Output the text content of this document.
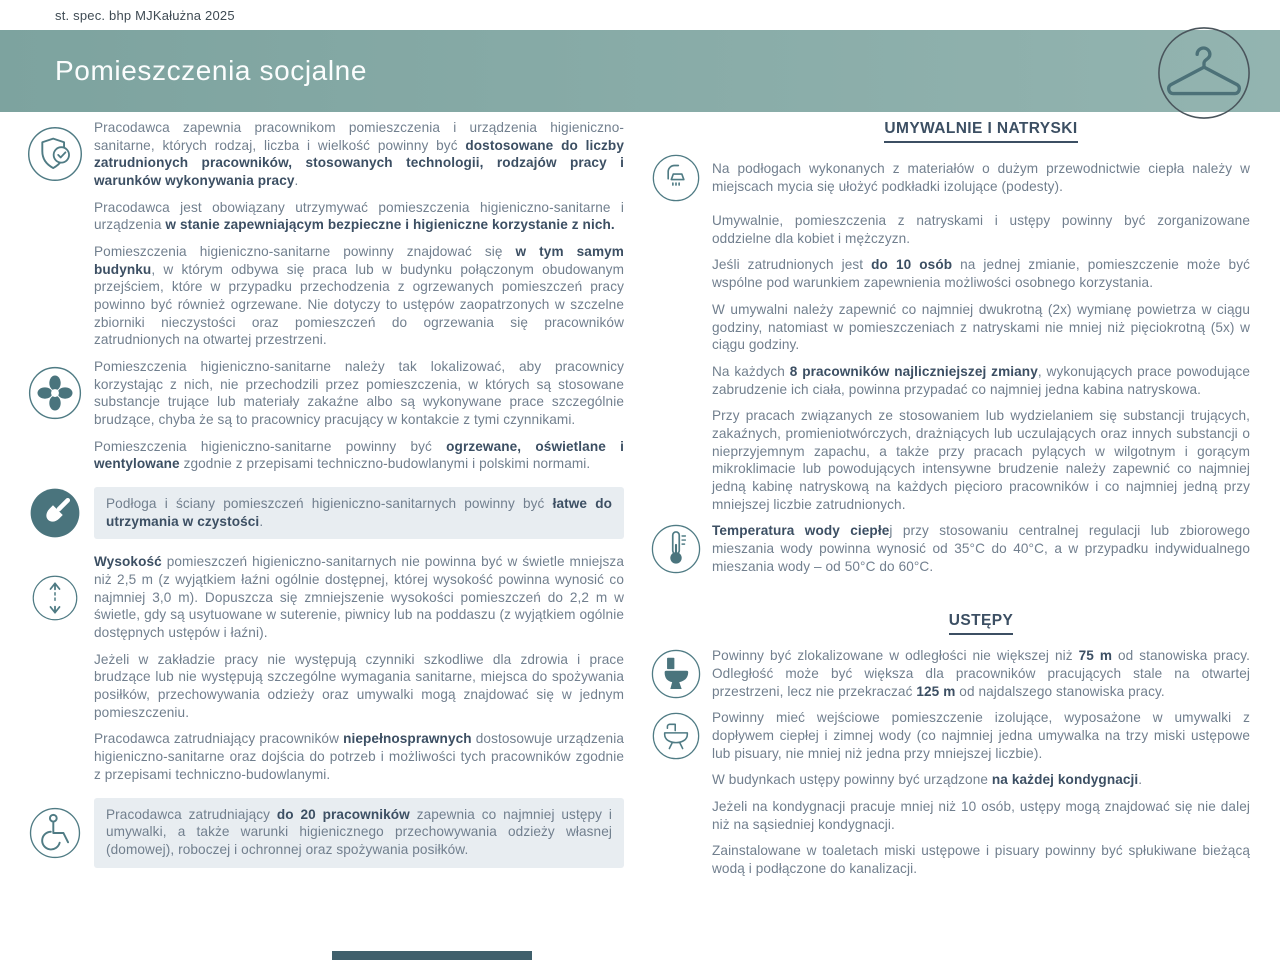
st. spec. bhp MJKałużna 2025
Pomieszczenia socjalne
Pracodawca zapewnia pracownikom pomieszczenia i urządzenia higieniczno-sanitarne, których rodzaj, liczba i wielkość powinny być dostosowane do liczby zatrudnionych pracowników, stosowanych technologii, rodzajów pracy i warunków wykonywania pracy.
Pracodawca jest obowiązany utrzymywać pomieszczenia higieniczno-sanitarne i urządzenia w stanie zapewniającym bezpieczne i higieniczne korzystanie z nich.
Pomieszczenia higieniczno-sanitarne powinny znajdować się w tym samym budynku, w którym odbywa się praca lub w budynku połączonym obudowanym przejściem, które w przypadku przechodzenia z ogrzewanych pomieszczeń pracy powinno być również ogrzewane. Nie dotyczy to ustępów zaopatrzonych w szczelne zbiorniki nieczystości oraz pomieszczeń do ogrzewania się pracowników zatrudnionych na otwartej przestrzeni.
Pomieszczenia higieniczno-sanitarne należy tak lokalizować, aby pracownicy korzystając z nich, nie przechodzili przez pomieszczenia, w których są stosowane substancje trujące lub materiały zakaźne albo są wykonywane prace szczególnie brudzące, chyba że są to pracownicy pracujący w kontakcie z tymi czynnikami.
Pomieszczenia higieniczno-sanitarne powinny być ogrzewane, oświetlane i wentylowane zgodnie z przepisami techniczno-budowlanymi i polskimi normami.
Podłoga i ściany pomieszczeń higieniczno-sanitarnych powinny być łatwe do utrzymania w czystości.
Wysokość pomieszczeń higieniczno-sanitarnych nie powinna być w świetle mniejsza niż 2,5 m (z wyjątkiem łaźni ogólnie dostępnej, której wysokość powinna wynosić co najmniej 3,0 m). Dopuszcza się zmniejszenie wysokości pomieszczeń do 2,2 m w świetle, gdy są usytuowane w suterenie, piwnicy lub na poddaszu (z wyjątkiem ogólnie dostępnych ustępów i łaźni).
Jeżeli w zakładzie pracy nie występują czynniki szkodliwe dla zdrowia i prace brudzące lub nie występują szczególne wymagania sanitarne, miejsca do spożywania posiłków, przechowywania odzieży oraz umywalki mogą znajdować się w jednym pomieszczeniu.
Pracodawca zatrudniający pracowników niepełnosprawnych dostosowuje urządzenia higieniczno-sanitarne oraz dojścia do potrzeb i możliwości tych pracowników zgodnie z przepisami techniczno-budowlanymi.
Pracodawca zatrudniający do 20 pracowników zapewnia co najmniej ustępy i umywalki, a także warunki higienicznego przechowywania odzieży własnej (domowej), roboczej i ochronnej oraz spożywania posiłków.
UMYWALNIE I NATRYSKI
Na podłogach wykonanych z materiałów o dużym przewodnictwie ciepła należy w miejscach mycia się ułożyć podkładki izolujące (podesty).
Umywalnie, pomieszczenia z natryskami i ustępy powinny być zorganizowane oddzielne dla kobiet i mężczyzn.
Jeśli zatrudnionych jest do 10 osób na jednej zmianie, pomieszczenie może być wspólne pod warunkiem zapewnienia możliwości osobnego korzystania.
W umywalni należy zapewnić co najmniej dwukrotną (2x) wymianę powietrza w ciągu godziny, natomiast w pomieszczeniach z natryskami nie mniej niż pięciokrotną (5x) w ciągu godziny.
Na każdych 8 pracowników najliczniejszej zmiany, wykonujących prace powodujące zabrudzenie ich ciała, powinna przypadać co najmniej jedna kabina natryskowa.
Przy pracach związanych ze stosowaniem lub wydzielaniem się substancji trujących, zakaźnych, promieniotwórczych, drażniących lub uczulających oraz innych substancji o nieprzyjemnym zapachu, a także przy pracach pylących w wilgotnym i gorącym mikroklimacie lub powodujących intensywne brudzenie należy zapewnić co najmniej jedną kabinę natryskową na każdych pięcioro pracowników i co najmniej jedną przy mniejszej liczbie zatrudnionych.
Temperatura wody ciepłej przy stosowaniu centralnej regulacji lub zbiorowego mieszania wody powinna wynosić od 35°C do 40°C, a w przypadku indywidualnego mieszania wody – od 50°C do 60°C.
USTĘPY
Powinny być zlokalizowane w odległości nie większej niż 75 m od stanowiska pracy. Odległość może być większa dla pracowników pracujących stale na otwartej przestrzeni, lecz nie przekraczać 125 m od najdalszego stanowiska pracy.
Powinny mieć wejściowe pomieszczenie izolujące, wyposażone w umywalki z dopływem ciepłej i zimnej wody (co najmniej jedna umywalka na trzy miski ustępowe lub pisuary, nie mniej niż jedna przy mniejszej liczbie).
W budynkach ustępy powinny być urządzone na każdej kondygnacji.
Jeżeli na kondygnacji pracuje mniej niż 10 osób, ustępy mogą znajdować się nie dalej niż na sąsiedniej kondygnacji.
Zainstalowane w toaletach miski ustępowe i pisuary powinny być spłukiwane bieżącą wodą i podłączone do kanalizacji.
